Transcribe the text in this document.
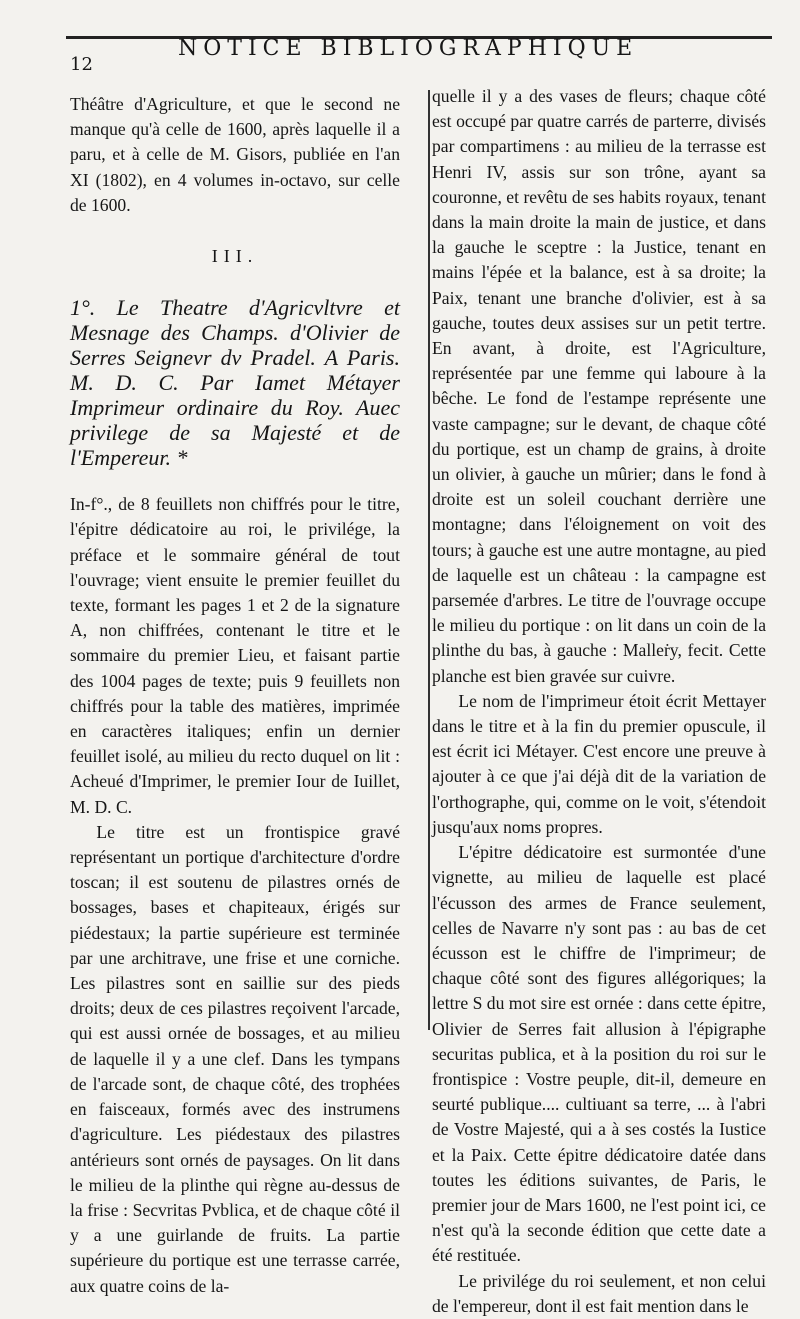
12
NOTICE BIBLIOGRAPHIQUE

Théâtre d'Agriculture, et que le second ne manque qu'à celle de 1600, après laquelle il a paru, et à celle de M. Gisors, publiée en l'an XI (1802), en 4 volumes in-octavo, sur celle de 1600.

III.
1°. Le Theatre d'Agricvltvre et Mesnage des Champs. d'Olivier de Serres Seignevr dv Pradel. A Paris. M. D. C. Par Iamet Métayer Imprimeur ordinaire du Roy. Auec privilege de sa Majesté et de l'Empereur. *

In-f°., de 8 feuillets non chiffrés pour le titre, l'épitre dédicatoire au roi, le privilége, la préface et le sommaire général de tout l'ouvrage; vient ensuite le premier feuillet du texte, formant les pages 1 et 2 de la signature A, non chiffrées, contenant le titre et le sommaire du premier Lieu, et faisant partie des 1004 pages de texte; puis 9 feuillets non chiffrés pour la table des matières, imprimée en caractères italiques; enfin un dernier feuillet isolé, au milieu du recto duquel on lit : Acheué d'Imprimer, le premier Iour de Iuillet, M. D. C.

Le titre est un frontispice gravé représentant un portique d'architecture d'ordre toscan; il est soutenu de pilastres ornés de bossages, bases et chapiteaux, érigés sur piédestaux; la partie supérieure est terminée par une architrave, une frise et une corniche. Les pilastres sont en saillie sur des pieds droits; deux de ces pilastres reçoivent l'arcade, qui est aussi ornée de bossages, et au milieu de laquelle il y a une clef. Dans les tympans de l'arcade sont, de chaque côté, des trophées en faisceaux, formés avec des instrumens d'agriculture. Les piédestaux des pilastres antérieurs sont ornés de paysages. On lit dans le milieu de la plinthe qui règne au-dessus de la frise : Secvritas Pvblica, et de chaque côté il y a une guirlande de fruits. La partie supérieure du portique est une terrasse carrée, aux quatre coins de la-

quelle il y a des vases de fleurs; chaque côté est occupé par quatre carrés de parterre, divisés par compartimens : au milieu de la terrasse est Henri IV, assis sur son trône, ayant sa couronne, et revêtu de ses habits royaux, tenant dans la main droite la main de justice, et dans la gauche le sceptre : la Justice, tenant en mains l'épée et la balance, est à sa droite; la Paix, tenant une branche d'olivier, est à sa gauche, toutes deux assises sur un petit tertre. En avant, à droite, est l'Agriculture, représentée par une femme qui laboure à la bêche. Le fond de l'estampe représente une vaste campagne; sur le devant, de chaque côté du portique, est un champ de grains, à droite un olivier, à gauche un mûrier; dans le fond à droite est un soleil couchant derrière une montagne; dans l'éloignement on voit des tours; à gauche est une autre montagne, au pied de laquelle est un château : la campagne est parsemée d'arbres. Le titre de l'ouvrage occupe le milieu du portique : on lit dans un coin de la plinthe du bas, à gauche : Malleṙy, fecit. Cette planche est bien gravée sur cuivre.

Le nom de l'imprimeur étoit écrit Mettayer dans le titre et à la fin du premier opuscule, il est écrit ici Métayer. C'est encore une preuve à ajouter à ce que j'ai déjà dit de la variation de l'orthographe, qui, comme on le voit, s'étendoit jusqu'aux noms propres.

L'épitre dédicatoire est surmontée d'une vignette, au milieu de laquelle est placé l'écusson des armes de France seulement, celles de Navarre n'y sont pas : au bas de cet écusson est le chiffre de l'imprimeur; de chaque côté sont des figures allégoriques; la lettre S du mot sire est ornée : dans cette épitre, Olivier de Serres fait allusion à l'épigraphe securitas publica, et à la position du roi sur le frontispice : Vostre peuple, dit-il, demeure en seurté publique.... cultiuant sa terre, ... à l'abri de Vostre Majesté, qui a à ses costés la Iustice et la Paix. Cette épitre dédicatoire datée dans toutes les éditions suivantes, de Paris, le premier jour de Mars 1600, ne l'est point ici, ce n'est qu'à la seconde édition que cette date a été restituée.

Le privilége du roi seulement, et non celui de l'empereur, dont il est fait mention dans le
